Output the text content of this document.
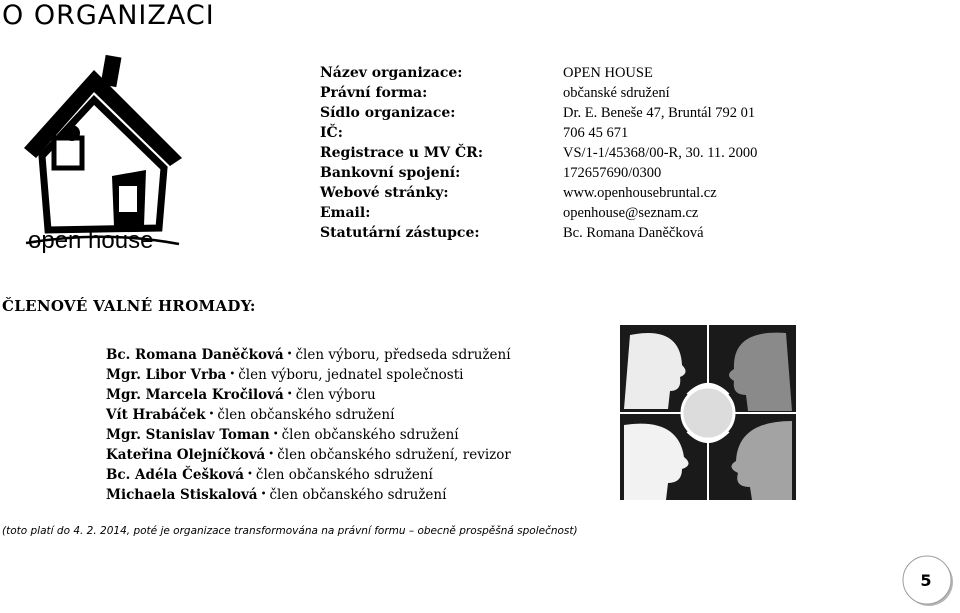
O ORGANIZACI
open house
Název organizace:	OPEN HOUSE
Právní forma:	občanské sdružení
Sídlo organizace:	Dr. E. Beneše 47, Bruntál 792 01
IČ:	706 45 671
Registrace u MV ČR:	VS/1-1/45368/00-R, 30. 11. 2000
Bankovní spojení:	172657690/0300
Webové stránky:	www.openhousebruntal.cz
Email:	openhouse@seznam.cz
Statutární zástupce:	Bc. Romana Daněčková
ČLENOVÉ VALNÉ HROMADY:
Bc. Romana Daněčková • člen výboru, předseda sdružení
Mgr. Libor Vrba • člen výboru, jednatel společnosti
Mgr. Marcela Kročilová • člen výboru
Vít Hrabáček • člen občanského sdružení
Mgr. Stanislav Toman • člen občanského sdružení
Kateřina Olejníčková • člen občanského sdružení, revizor
Bc. Adéla Češková • člen občanského sdružení
Michaela Stiskalová • člen občanského sdružení
(toto platí do 4. 2. 2014, poté je organizace transformována na právní formu – obecně prospěšná společnost)
5
